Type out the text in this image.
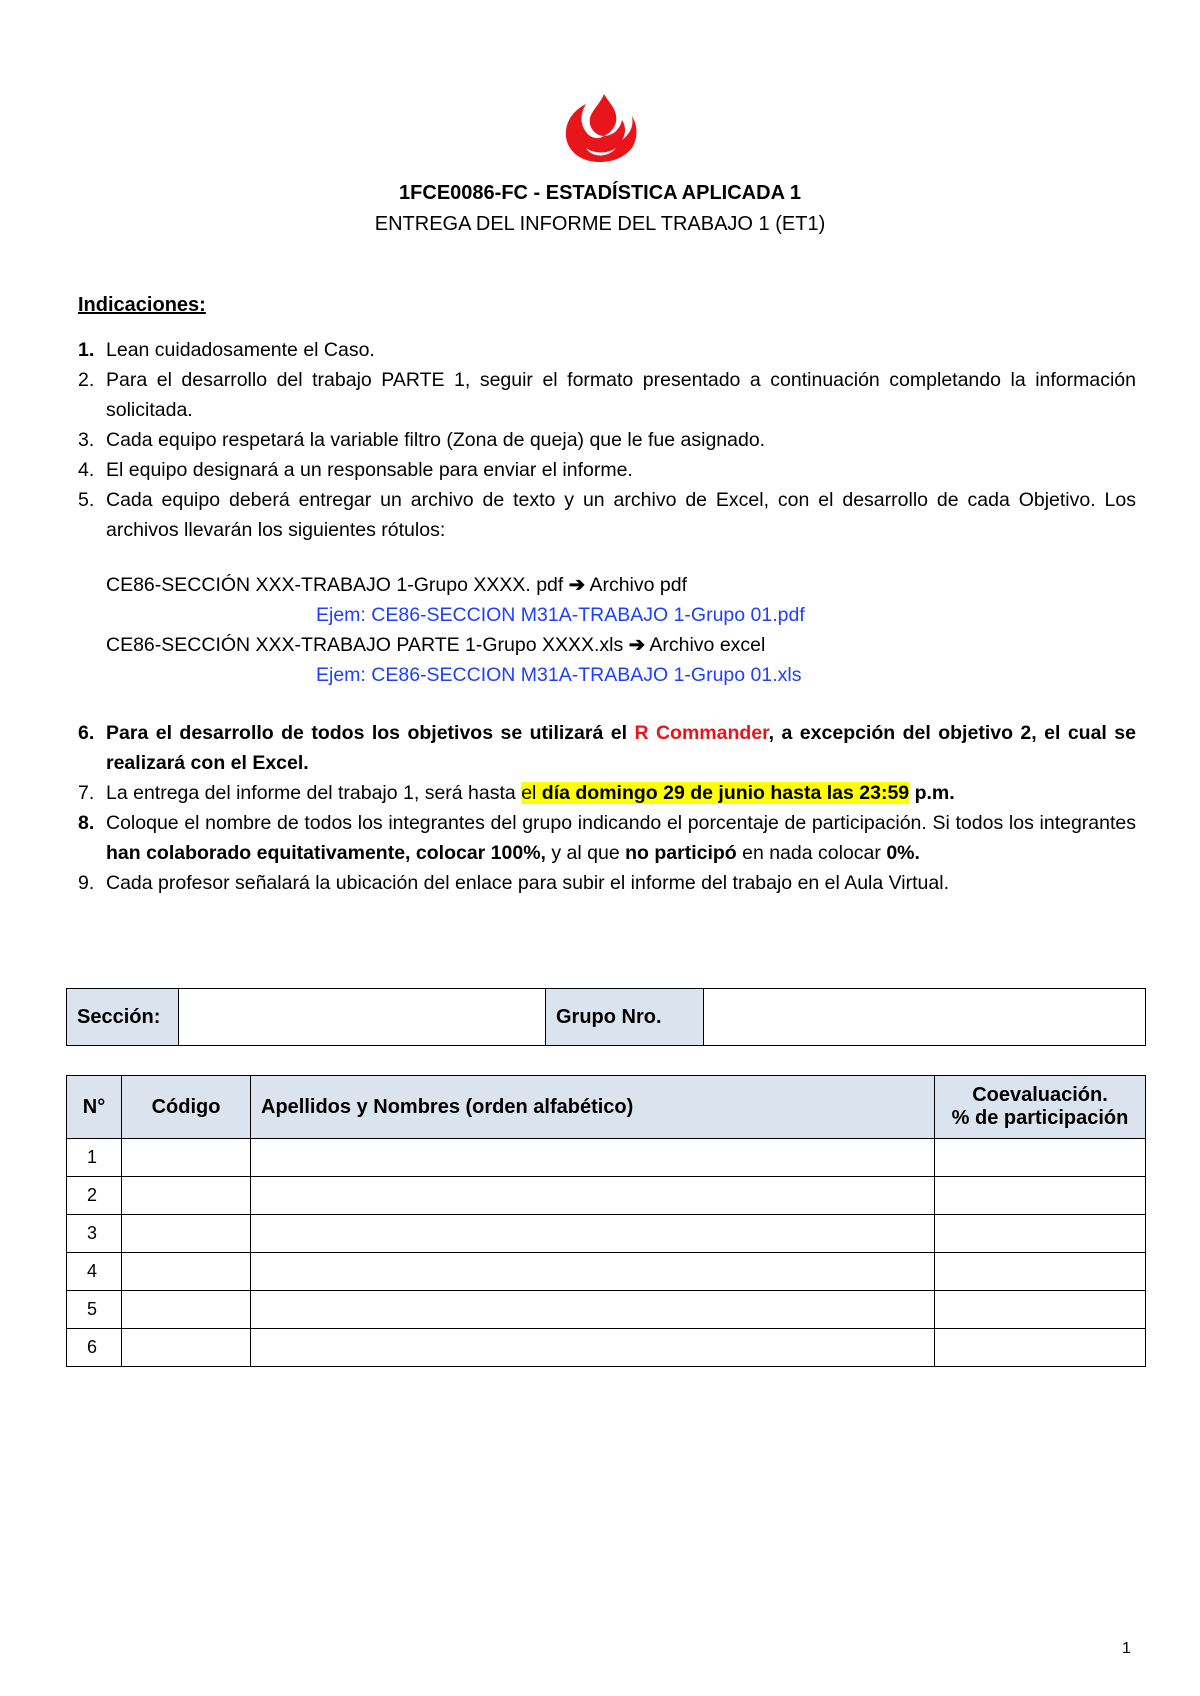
1FCE0086-FC - ESTADÍSTICA APLICADA 1
ENTREGA DEL INFORME DEL TRABAJO 1 (ET1)
Indicaciones:
1. Lean cuidadosamente el Caso.
2. Para el desarrollo del trabajo PARTE 1, seguir el formato presentado a continuación completando la información solicitada.
3. Cada equipo respetará la variable filtro (Zona de queja) que le fue asignado.
4. El equipo designará a un responsable para enviar el informe.
5. Cada equipo deberá entregar un archivo de texto y un archivo de Excel, con el desarrollo de cada Objetivo. Los archivos llevarán los siguientes rótulos:
CE86-SECCIÓN XXX-TRABAJO 1-Grupo XXXX. pdf ➔ Archivo pdf
Ejem: CE86-SECCION M31A-TRABAJO 1-Grupo 01.pdf
CE86-SECCIÓN XXX-TRABAJO PARTE 1-Grupo XXXX.xls ➔ Archivo excel
Ejem: CE86-SECCION M31A-TRABAJO 1-Grupo 01.xls
6. Para el desarrollo de todos los objetivos se utilizará el R Commander, a excepción del objetivo 2, el cual se realizará con el Excel.
7. La entrega del informe del trabajo 1, será hasta el día domingo 29 de junio hasta las 23:59 p.m.
8. Coloque el nombre de todos los integrantes del grupo indicando el porcentaje de participación. Si todos los integrantes han colaborado equitativamente, colocar 100%, y al que no participó en nada colocar 0%.
9. Cada profesor señalará la ubicación del enlace para subir el informe del trabajo en el Aula Virtual.
Sección:		Grupo Nro.	
N°	Código	Apellidos y Nombres (orden alfabético)	Coevaluación.
% de participación

1			
2			
3			
4			
5			
6			
1
